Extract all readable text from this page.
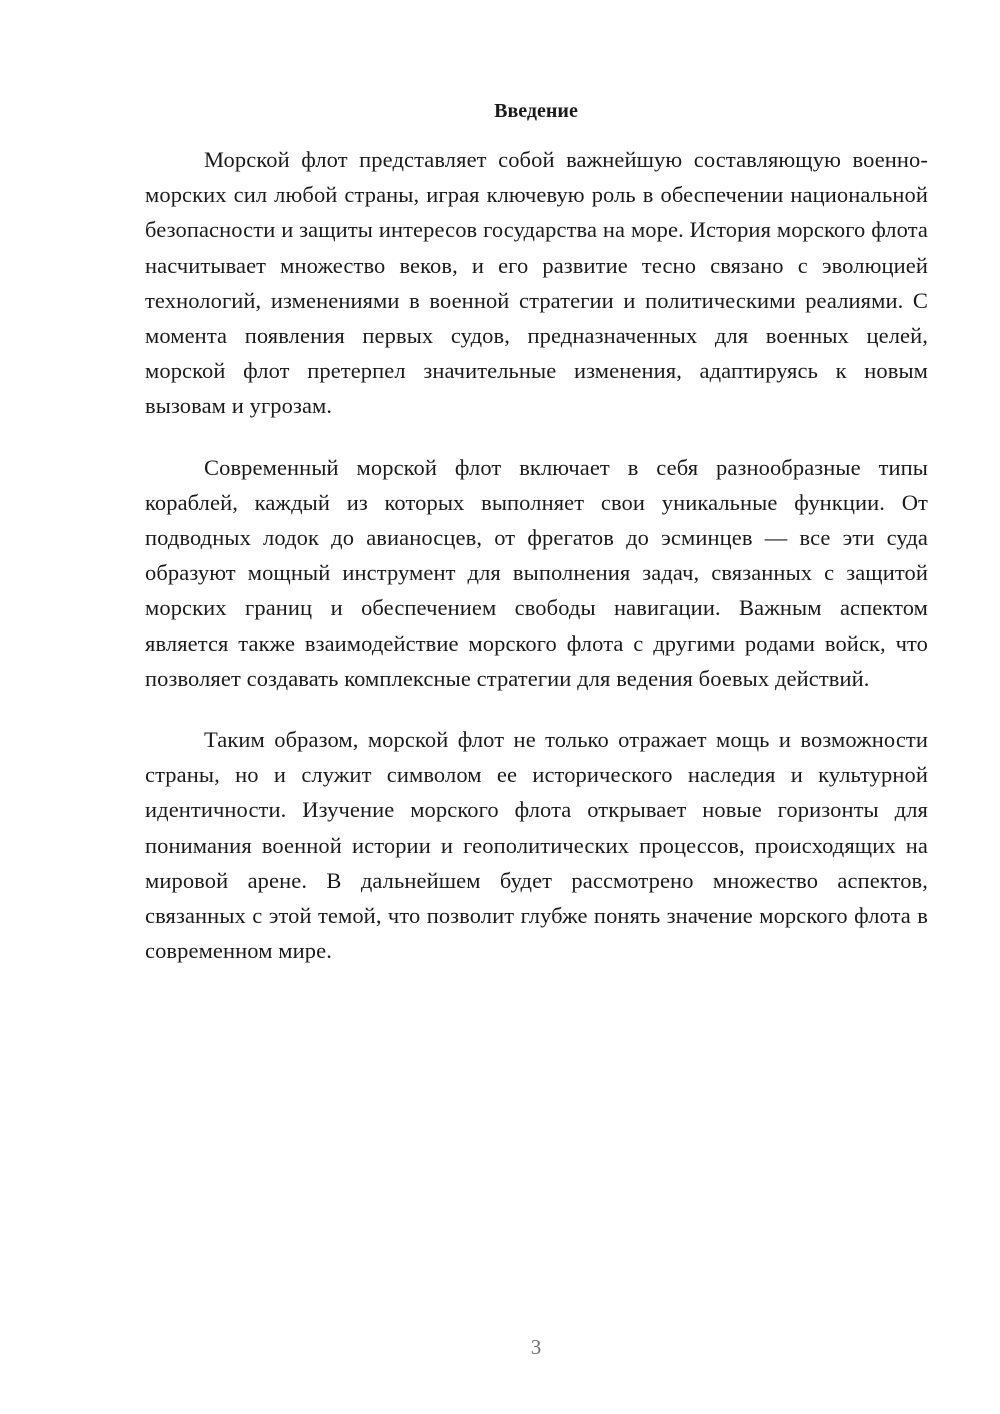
Введение

Морской флот представляет собой важнейшую составляющую военно-морских сил любой страны, играя ключевую роль в обеспечении национальной безопасности и защиты интересов государства на море. История морского флота насчитывает множество веков, и его развитие тесно связано с эволюцией технологий, изменениями в военной стратегии и политическими реалиями. С момента появления первых судов, предназначенных для военных целей, морской флот претерпел значительные изменения, адаптируясь к новым вызовам и угрозам.

Современный морской флот включает в себя разнообразные типы кораблей, каждый из которых выполняет свои уникальные функции. От подводных лодок до авианосцев, от фрегатов до эсминцев — все эти суда образуют мощный инструмент для выполнения задач, связанных с защитой морских границ и обеспечением свободы навигации. Важным аспектом является также взаимодействие морского флота с другими родами войск, что позволяет создавать комплексные стратегии для ведения боевых действий.

Таким образом, морской флот не только отражает мощь и возможности страны, но и служит символом ее исторического наследия и культурной идентичности. Изучение морского флота открывает новые горизонты для понимания военной истории и геополитических процессов, происходящих на мировой арене. В дальнейшем будет рассмотрено множество аспектов, связанных с этой темой, что позволит глубже понять значение морского флота в современном мире.

3
